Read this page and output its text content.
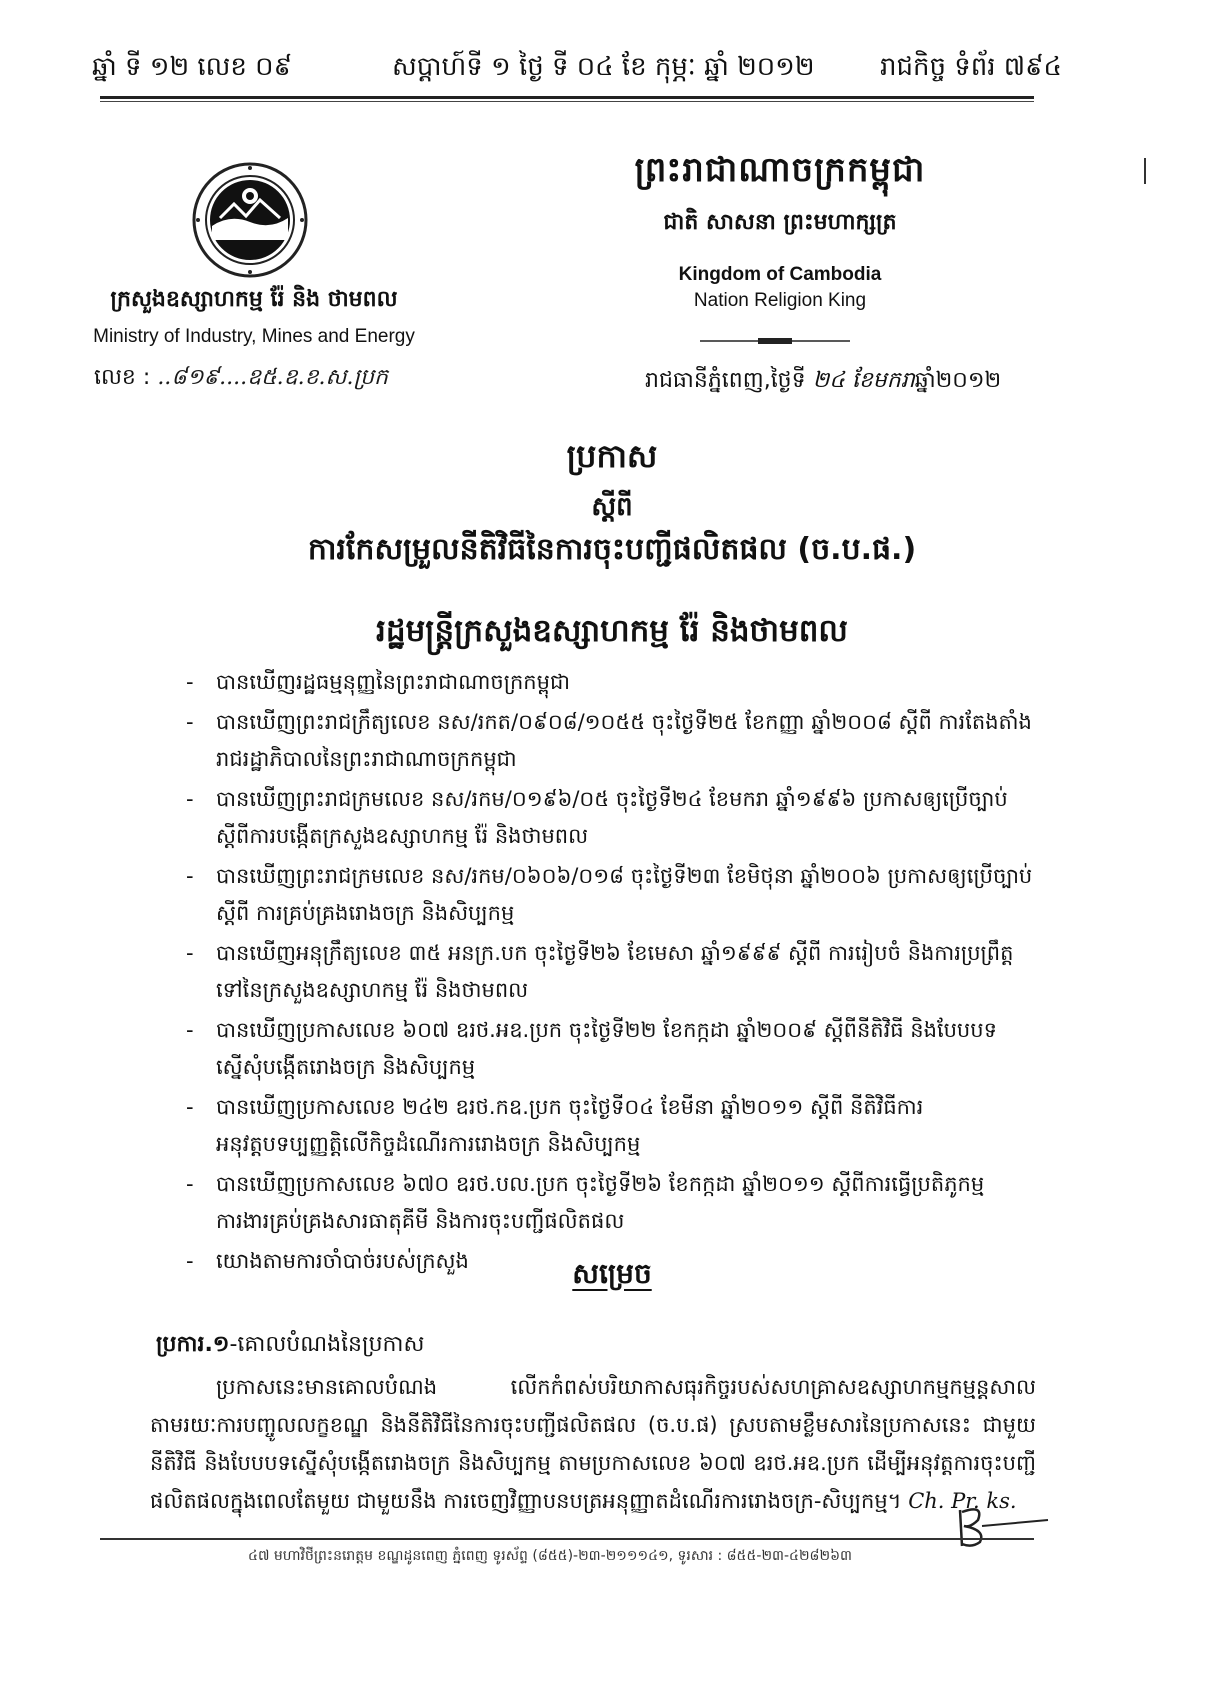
ឆ្នាំ ទី ១២ លេខ ០៩	សប្តាហ៍ទី ១ ថ្ងៃ ទី ០៤ ខែ កុម្ភៈ ឆ្នាំ ២០១២	រាជកិច្ច ទំព័រ ៧៩៤
ក្រសួងឧស្សាហកម្ម រ៉ែ និង ថាមពល
Ministry of Industry, Mines and Energy
លេខ : ..៨១៩....ឧ៥.ឧ.ខ.ស.ប្រក
ព្រះរាជាណាចក្រកម្ពុជា
ជាតិ សាសនា ព្រះមហាក្សត្រ
Kingdom of Cambodia
Nation Religion King
រាជធានីភ្នំពេញ,ថ្ងៃទី ២៤ ខែមករាឆ្នាំ២០១២
ប្រកាស
ស្តីពី
ការកែសម្រួលនីតិវិធីនៃការចុះបញ្ជីផលិតផល (ច.ប.ផ.)
រដ្ឋមន្ត្រីក្រសួងឧស្សាហកម្ម រ៉ែ និងថាមពល
- បានឃើញរដ្ឋធម្មនុញ្ញនៃព្រះរាជាណាចក្រកម្ពុជា
- បានឃើញព្រះរាជក្រឹត្យលេខ នស/រកត/០៩០៨/១០៥៥ ចុះថ្ងៃទី២៥ ខែកញ្ញា ឆ្នាំ២០០៨ ស្តីពី ការតែងតាំងរាជរដ្ឋាភិបាលនៃព្រះរាជាណាចក្រកម្ពុជា
- បានឃើញព្រះរាជក្រមលេខ នស/រកម/០១៩៦/០៥ ចុះថ្ងៃទី២៤ ខែមករា ឆ្នាំ១៩៩៦ ប្រកាសឲ្យប្រើច្បាប់ ស្តីពីការបង្កើតក្រសួងឧស្សាហកម្ម រ៉ែ និងថាមពល
- បានឃើញព្រះរាជក្រមលេខ នស/រកម/០៦០៦/០១៨ ចុះថ្ងៃទី២៣ ខែមិថុនា ឆ្នាំ២០០៦ ប្រកាសឲ្យប្រើច្បាប់ ស្តីពី ការគ្រប់គ្រងរោងចក្រ និងសិប្បកម្ម
- បានឃើញអនុក្រឹត្យលេខ ៣៥ អនក្រ.បក ចុះថ្ងៃទី២៦ ខែមេសា ឆ្នាំ១៩៩៩ ស្តីពី ការរៀបចំ និងការប្រព្រឹត្តទៅនៃក្រសួងឧស្សាហកម្ម រ៉ែ និងថាមពល
- បានឃើញប្រកាសលេខ ៦០៧ ឧរថ.អឧ.ប្រក ចុះថ្ងៃទី២២ ខែកក្កដា ឆ្នាំ២០០៩ ស្តីពីនីតិវិធី និងបែបបទស្នើសុំបង្កើតរោងចក្រ និងសិប្បកម្ម
- បានឃើញប្រកាសលេខ ២៤២ ឧរថ.កឧ.ប្រក ចុះថ្ងៃទី០៤ ខែមីនា ឆ្នាំ២០១១ ស្តីពី នីតិវិធីការអនុវត្តបទប្បញ្ញត្តិលើកិច្ចដំណើរការរោងចក្រ និងសិប្បកម្ម
- បានឃើញប្រកាសលេខ ៦៧០ ឧរថ.បល.ប្រក ចុះថ្ងៃទី២៦ ខែកក្កដា ឆ្នាំ២០១១ ស្តីពីការធ្វើប្រតិភូកម្មការងារគ្រប់គ្រងសារធាតុគីមី និងការចុះបញ្ជីផលិតផល
- យោងតាមការចាំបាច់របស់ក្រសួង	សម្រេច
ប្រការ.១-គោលបំណងនៃប្រកាស

ប្រកាសនេះមានគោលបំណង លើកកំពស់បរិយាកាសធុរកិច្ចរបស់សហគ្រាសឧស្សាហកម្មកម្មន្តសាល តាមរយៈការបញ្ចូលលក្ខខណ្ឌ និងនីតិវិធីនៃការចុះបញ្ជីផលិតផល (ច.ប.ផ) ស្របតាមខ្លឹមសារនៃប្រកាសនេះ ជាមួយនីតិវិធី និងបែបបទស្នើសុំបង្កើតរោងចក្រ និងសិប្បកម្ម តាមប្រកាសលេខ ៦០៧ ឧរថ.អឧ.ប្រក ដើម្បីអនុវត្តការចុះបញ្ជីផលិតផលក្នុងពេលតែមួយ ជាមួយនឹង ការចេញវិញ្ញាបនបត្រអនុញ្ញាតដំណើរការរោងចក្រ-សិប្បកម្ម។ Ch. Pr. ks.

៤៧ មហាវិថីព្រះនរោត្តម ខណ្ឌដូនពេញ ភ្នំពេញ ទូរស័ព្ទ (៨៥៥)-២៣-២១១១៤១, ទូរសារ : ៨៥៥-២៣-៤២៨២៦៣
